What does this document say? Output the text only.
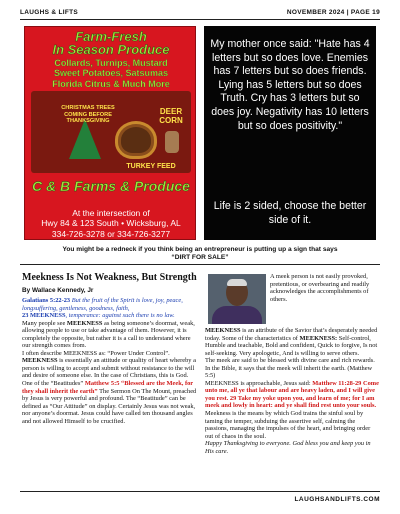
LAUGHS & LIFTS	NOVEMBER 2024 | PAGE 19
Farm-Fresh
In Season Produce
Collards, Turnips, Mustard
Sweet Potatoes, Satsumas
Florida Citrus & Much More
CHRISTMAS TREES COMING BEFORE THANKSGIVING
DEER CORN
TURKEY FEED
C & B Farms & Produce
At the intersection of
Hwy 84 & 123 South • Wicksburg, AL
334-726-3278 or 334-726-3277
My mother once said: "Hate has 4 letters but so does love. Enemies has 7 letters but so does friends. Lying has 5 letters but so does Truth. Cry has 3 letters but so does joy. Negativity has 10 letters but so does positivity."
Life is 2 sided, choose the better side of it.
You might be a redneck if you think being an entrepreneur is putting up a sign that says
“DIRT FOR SALE”
Meekness Is Not Weakness, But Strength
By Wallace Kennedy, Jr

Galatians 5:22-23 But the fruit of the Spirit is love, joy, peace, longsuffering, gentleness, goodness, faith,
23 MEEKNESS, temperance: against such there is no law.

Many people see MEEKNESS as being someone’s doormat, weak, allowing people to use or take advantage of them. However, it is completely the opposite, but rather it is a call to understand where our strength comes from.

I often describe MEEKNESS as: “Power Under Control”.

MEEKNESS is essentially an attitude or quality of heart whereby a person is willing to accept and submit without resistance to the will and desire of someone else. In the case of Christians, this is God.

One of the “Beatitudes” Matthew 5:5 “Blessed are the Meek, for they shall inherit the earth” The Sermon On The Mount, preached by Jesus is very powerful and profound. The “Beatitude” can be defined as “Our Attitude” on display. Certainly Jesus was not weak, nor anyone’s doormat. Jesus could have called ten thousand angles and not allowed Himself to be crucified.

A meek person is not easily provoked, pretentious, or overbearing and readily acknowledges the accomplishments of others.

MEEKNESS is an attribute of the Savior that’s desperately needed today. Some of the characteristics of MEEKNESS: Self-control, Humble and teachable, Bold and confident, Quick to forgive, Is not self-seeking. Very apologetic, And is willing to serve others.

The meek are said to be blessed with divine care and rich rewards. In the Bible, it says that the meek will inherit the earth. (Matthew 5:5)

MEEKNESS is approachable, Jesus said: Matthew 11:28-29 Come unto me, all ye that labour and are heavy laden, and I will give you rest. 29 Take my yoke upon you, and learn of me; for I am meek and lowly in heart: and ye shall find rest unto your souls.

Meekness is the means by which God trains the sinful soul by taming the temper, subduing the assertive self, calming the passions, managing the impulses of the heart, and bringing order out of chaos in the soul.

Happy Thanksgiving to everyone. God bless you and keep you in His care.

LAUGHSANDLIFTS.COM
